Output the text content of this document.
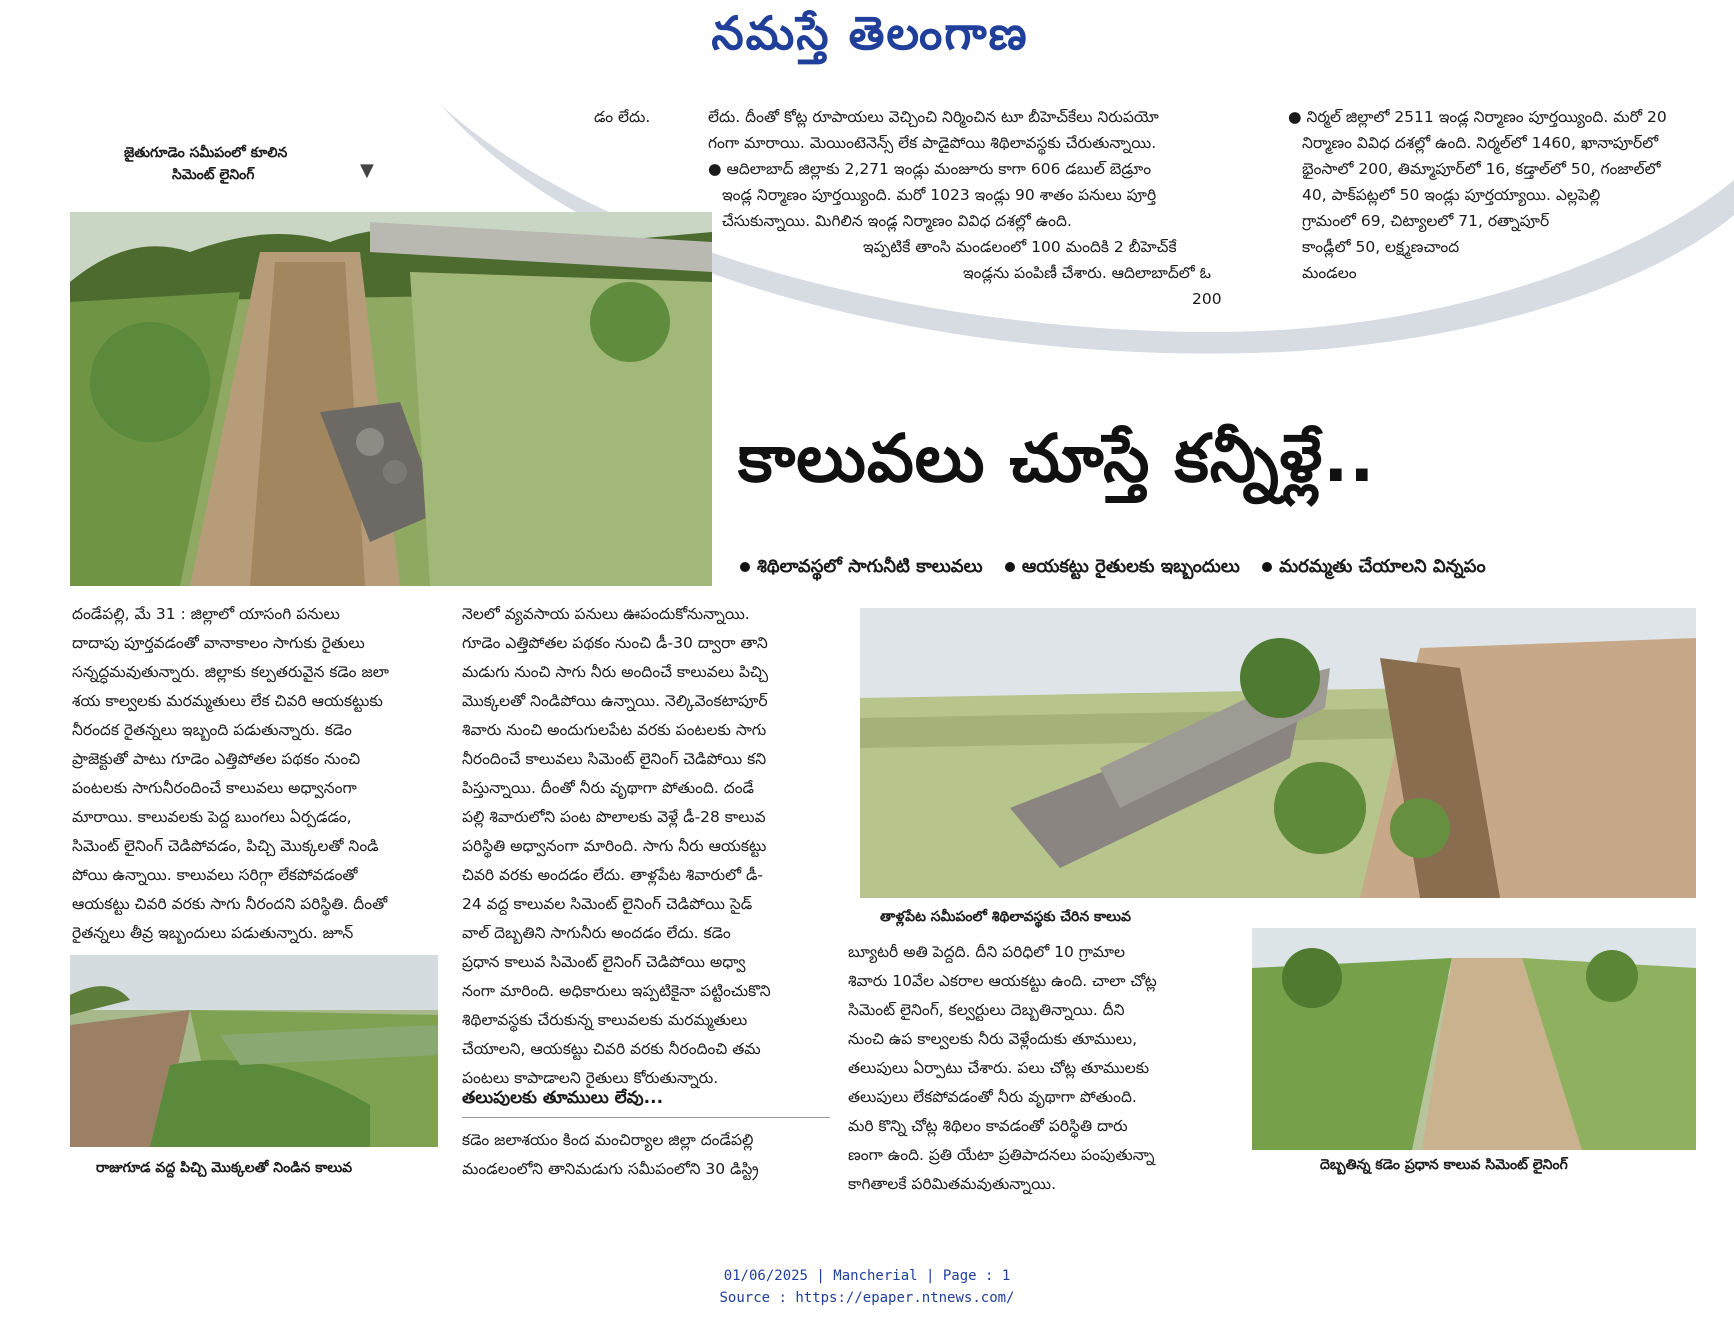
నమస్తే తెలంగాణ
డం లేదు.	లేదు. దీంతో కోట్ల రూపాయలు వెచ్చించి నిర్మించిన టూ బీహెచ్‌కేలు నిరుపయో
గంగా మారాయి. మెయింటెనెన్స్ లేక పాడైపోయి శిథిలావస్థకు చేరుతున్నాయి.
● ఆదిలాబాద్ జిల్లాకు 2,271 ఇండ్లు మంజూరు కాగా 606 డబుల్ బెడ్రూం
ఇండ్ల నిర్మాణం పూర్తయ్యింది. మరో 1023 ఇండ్లు 90 శాతం పనులు పూర్తి
చేసుకున్నాయి. మిగిలిన ఇండ్ల నిర్మాణం వివిధ దశల్లో ఉంది.
ఇప్పటికే తాంసి మండలంలో 100 మందికి 2 బీహెచ్‌కే
ఇండ్లను పంపిణీ చేశారు. ఆదిలాబాద్‌లో ఓ
200
● నిర్మల్ జిల్లాలో 2511 ఇండ్ల నిర్మాణం పూర్తయ్యింది. మరో 20
నిర్మాణం వివిధ దశల్లో ఉంది. నిర్మల్‌లో 1460, ఖానాపూర్‌లో
భైంసాలో 200, తిమ్మాపూర్‌లో 16, కడ్తాల్‌లో 50, గంజాల్‌లో
40, పాక్‌పట్లలో 50 ఇండ్లు పూర్తయ్యాయి. ఎల్లపెల్లి
గ్రామంలో 69, చిట్యాలలో 71, రత్నాపూర్
కాండ్లీలో 50, లక్ష్మణచాంద
మండలం
జైతుగూడెం సమీపంలో కూలిన
సిమెంట్ లైనింగ్	▼
కాలువలు చూస్తే కన్నీళ్లే..
శిథిలావస్థలో సాగునీటి కాలువలు ఆయకట్టు రైతులకు ఇబ్బందులు మరమ్మతు చేయాలని విన్నపం

దండేపల్లి, మే 31 : జిల్లాలో యాసంగి పనులు

దాదాపు పూర్తవడంతో వానాకాలం సాగుకు రైతులు

సన్నద్ధమవుతున్నారు. జిల్లాకు కల్పతరువైన కడెం జలా

శయ కాల్వలకు మరమ్మతులు లేక చివరి ఆయకట్టుకు

నీరందక రైతన్నలు ఇబ్బంది పడుతున్నారు. కడెం

ప్రాజెక్టుతో పాటు గూడెం ఎత్తిపోతల పథకం నుంచి

పంటలకు సాగునీరందించే కాలువలు అధ్వానంగా

మారాయి. కాలువలకు పెద్ద బుంగలు ఏర్పడడం,

సిమెంట్ లైనింగ్ చెడిపోవడం, పిచ్చి మొక్కలతో నిండి

పోయి ఉన్నాయి. కాలువలు సరిగ్గా లేకపోవడంతో

ఆయకట్టు చివరి వరకు సాగు నీరందని పరిస్థితి. దీంతో

రైతన్నలు తీవ్ర ఇబ్బందులు పడుతున్నారు. జూన్

రాజుగూడ వద్ద పిచ్చి మొక్కలతో నిండిన కాలువ

నెలలో వ్యవసాయ పనులు ఊపందుకోనున్నాయి.

గూడెం ఎత్తిపోతల పథకం నుంచి డీ-30 ద్వారా తాని

మడుగు నుంచి సాగు నీరు అందించే కాలువలు పిచ్చి

మొక్కలతో నిండిపోయి ఉన్నాయి. నెల్కివెంకటాపూర్

శివారు నుంచి అందుగులపేట వరకు పంటలకు సాగు

నీరందించే కాలువలు సిమెంట్ లైనింగ్ చెడిపోయి కని

పిస్తున్నాయి. దీంతో నీరు వృథాగా పోతుంది. దండే

పల్లి శివారులోని పంట పొలాలకు వెళ్లే డీ-28 కాలువ

పరిస్థితి అధ్వానంగా మారింది. సాగు నీరు ఆయకట్టు

చివరి వరకు అందడం లేదు. తాళ్లపేట శివారులో డీ-

24 వద్ద కాలువల సిమెంట్ లైనింగ్ చెడిపోయి సైడ్

వాల్ దెబ్బతిని సాగునీరు అందడం లేదు. కడెం

ప్రధాన కాలువ సిమెంట్ లైనింగ్ చెడిపోయి అధ్వా

నంగా మారింది. అధికారులు ఇప్పటికైనా పట్టించుకొని

శిథిలావస్థకు చేరుకున్న కాలువలకు మరమ్మతులు

చేయాలని, ఆయకట్టు చివరి వరకు నీరందించి తమ

పంటలు కాపాడాలని రైతులు కోరుతున్నారు.

తలుపులకు తూములు లేవు...

కడెం జలాశయం కింద మంచిర్యాల జిల్లా దండేపల్లి

మండలంలోని తానిమడుగు సమీపంలోని 30 డిస్ట్రి

తాళ్లపేట సమీపంలో శిథిలావస్థకు చేరిన కాలువ

బ్యూటరీ అతి పెద్దది. దీని పరిధిలో 10 గ్రామాల

శివారు 10వేల ఎకరాల ఆయకట్టు ఉంది. చాలా చోట్ల

సిమెంట్ లైనింగ్, కల్వర్టులు దెబ్బతిన్నాయి. దీని

నుంచి ఉప కాల్వలకు నీరు వెళ్లేందుకు తూములు,

తలుపులు ఏర్పాటు చేశారు. పలు చోట్ల తూములకు

తలుపులు లేకపోవడంతో నీరు వృథాగా పోతుంది.

మరి కొన్ని చోట్ల శిథిలం కావడంతో పరిస్థితి దారు

ణంగా ఉంది. ప్రతి యేటా ప్రతిపాదనలు పంపుతున్నా

కాగితాలకే పరిమితమవుతున్నాయి.

దెబ్బతిన్న కడెం ప్రధాన కాలువ సిమెంట్ లైనింగ్
01/06/2025 | Mancherial | Page : 1
Source : https://epaper.ntnews.com/
